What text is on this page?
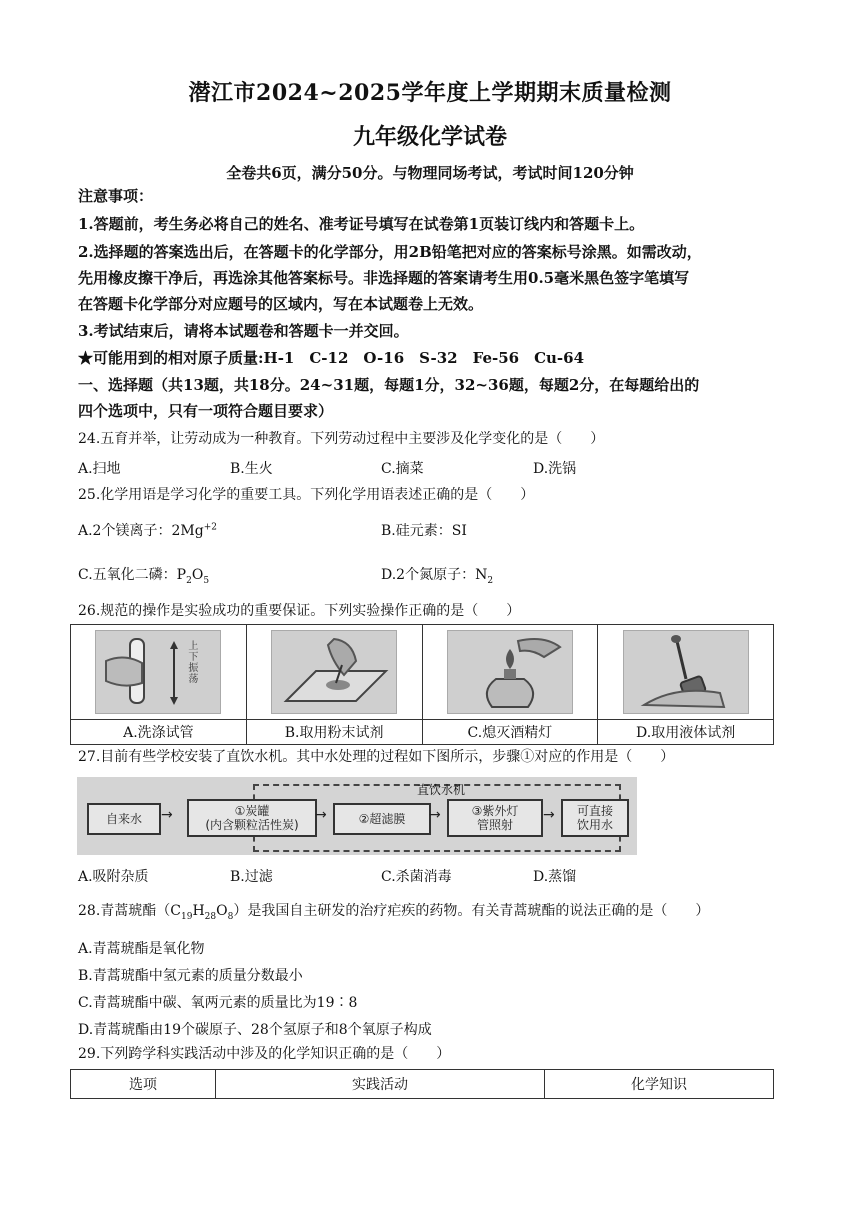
潜江市2024~2025学年度上学期期末质量检测
九年级化学试卷
全卷共6页，满分50分。与物理同场考试，考试时间120分钟
注意事项：
1.答题前，考生务必将自己的姓名、准考证号填写在试卷第1页装订线内和答题卡上。
2.选择题的答案选出后，在答题卡的化学部分，用2B铅笔把对应的答案标号涂黑。如需改动，
先用橡皮擦干净后，再选涂其他答案标号。非选择题的答案请考生用0.5毫米黑色签字笔填写
在答题卡化学部分对应题号的区域内，写在本试题卷上无效。
3.考试结束后，请将本试题卷和答题卡一并交回。
★可能用到的相对原子质量:H-1　C-12　O-16　S-32　Fe-56　Cu-64
一、选择题（共13题，共18分。24~31题，每题1分，32~36题，每题2分，在每题给出的
四个选项中，只有一项符合题目要求）
24.五育并举，让劳动成为一种教育。下列劳动过程中主要涉及化学变化的是（　　）
A.扫地	B.生火	C.摘菜	D.洗锅
25.化学用语是学习化学的重要工具。下列化学用语表述正确的是（　　）
A.2个镁离子：$2Mg^{+2}$	B.硅元素：SI
C.五氧化二磷：$P_2O_5$	D.2个氮原子：$N_2$
26.规范的操作是实验成功的重要保证。下列实验操作正确的是（　　）
上下振荡

A.洗涤试管	B.取用粉末试剂	C.熄灭酒精灯	D.取用液体试剂
27.目前有些学校安装了直饮水机。其中水处理的过程如下图所示，步骤①对应的作用是（　　）
自来水	→
直饮水机
①炭罐
(内含颗粒活性炭)
→	②超滤膜	→	③紫外灯
管照射
→ 可直接
饮用水
A.吸附杂质	B.过滤	C.杀菌消毒	D.蒸馏
28.青蒿琥酯$(C_{19}H_{28}O_8)$是我国自主研发的治疗疟疾的药物。有关青蒿琥酯的说法正确的是（　　）
A.青蒿琥酯是氧化物
B.青蒿琥酯中氢元素的质量分数最小
C.青蒿琥酯中碳、氧两元素的质量比为19∶8
D.青蒿琥酯由19个碳原子、28个氢原子和8个氧原子构成
29.下列跨学科实践活动中涉及的化学知识正确的是（　　）
选项	实践活动	化学知识
